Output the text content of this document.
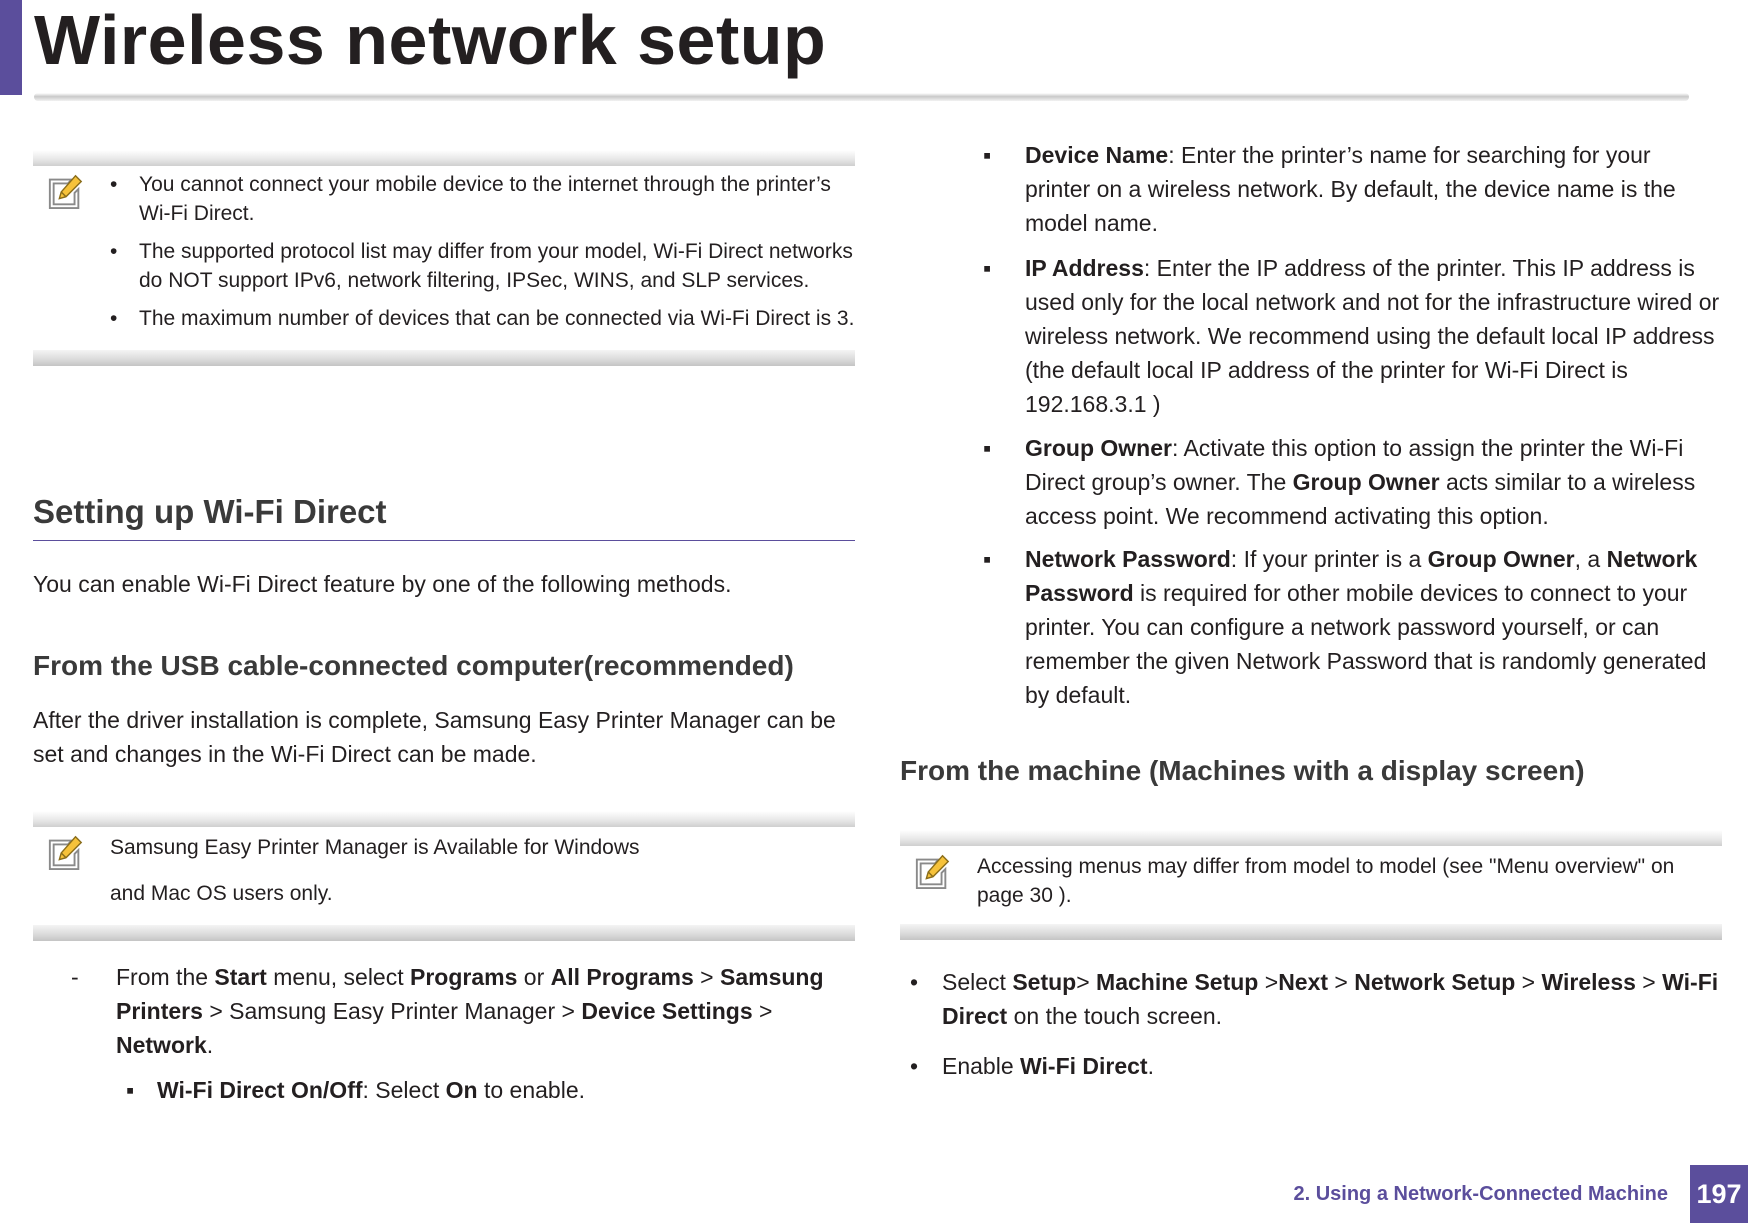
Wireless network setup
• You cannot connect your mobile device to the internet through the printer’s Wi-Fi Direct.
• The supported protocol list may differ from your model, Wi-Fi Direct networks do NOT support IPv6, network filtering, IPSec, WINS, and SLP services.
• The maximum number of devices that can be connected via Wi-Fi Direct is 3.
Setting up Wi-Fi Direct

You can enable Wi-Fi Direct feature by one of the following methods.

From the USB cable-connected computer(recommended)

After the driver installation is complete, Samsung Easy Printer Manager can be set and changes in the Wi-Fi Direct can be made.

Samsung Easy Printer Manager is Available for Windows

and Mac OS users only.

- From the Start menu, select Programs or All Programs > Samsung Printers > Samsung Easy Printer Manager > Device Settings > Network.
▪ Wi-Fi Direct On/Off: Select On to enable.
▪ Device Name: Enter the printer’s name for searching for your printer on a wireless network. By default, the device name is the model name.
▪ IP Address: Enter the IP address of the printer. This IP address is used only for the local network and not for the infrastructure wired or wireless network. We recommend using the default local IP address (the default local IP address of the printer for Wi-Fi Direct is 192.168.3.1 )
▪ Group Owner: Activate this option to assign the printer the Wi-Fi Direct group’s owner. The Group Owner acts similar to a wireless access point. We recommend activating this option.
▪ Network Password: If your printer is a Group Owner, a Network Password is required for other mobile devices to connect to your printer. You can configure a network password yourself, or can remember the given Network Password that is randomly generated by default.
From the machine (Machines with a display screen)
Accessing menus may differ from model to model (see "Menu overview" on page 30 ).
• Select Setup> Machine Setup >Next > Network Setup > Wireless > Wi-Fi Direct on the touch screen.
• Enable Wi-Fi Direct.
2. Using a Network-Connected Machine 197
